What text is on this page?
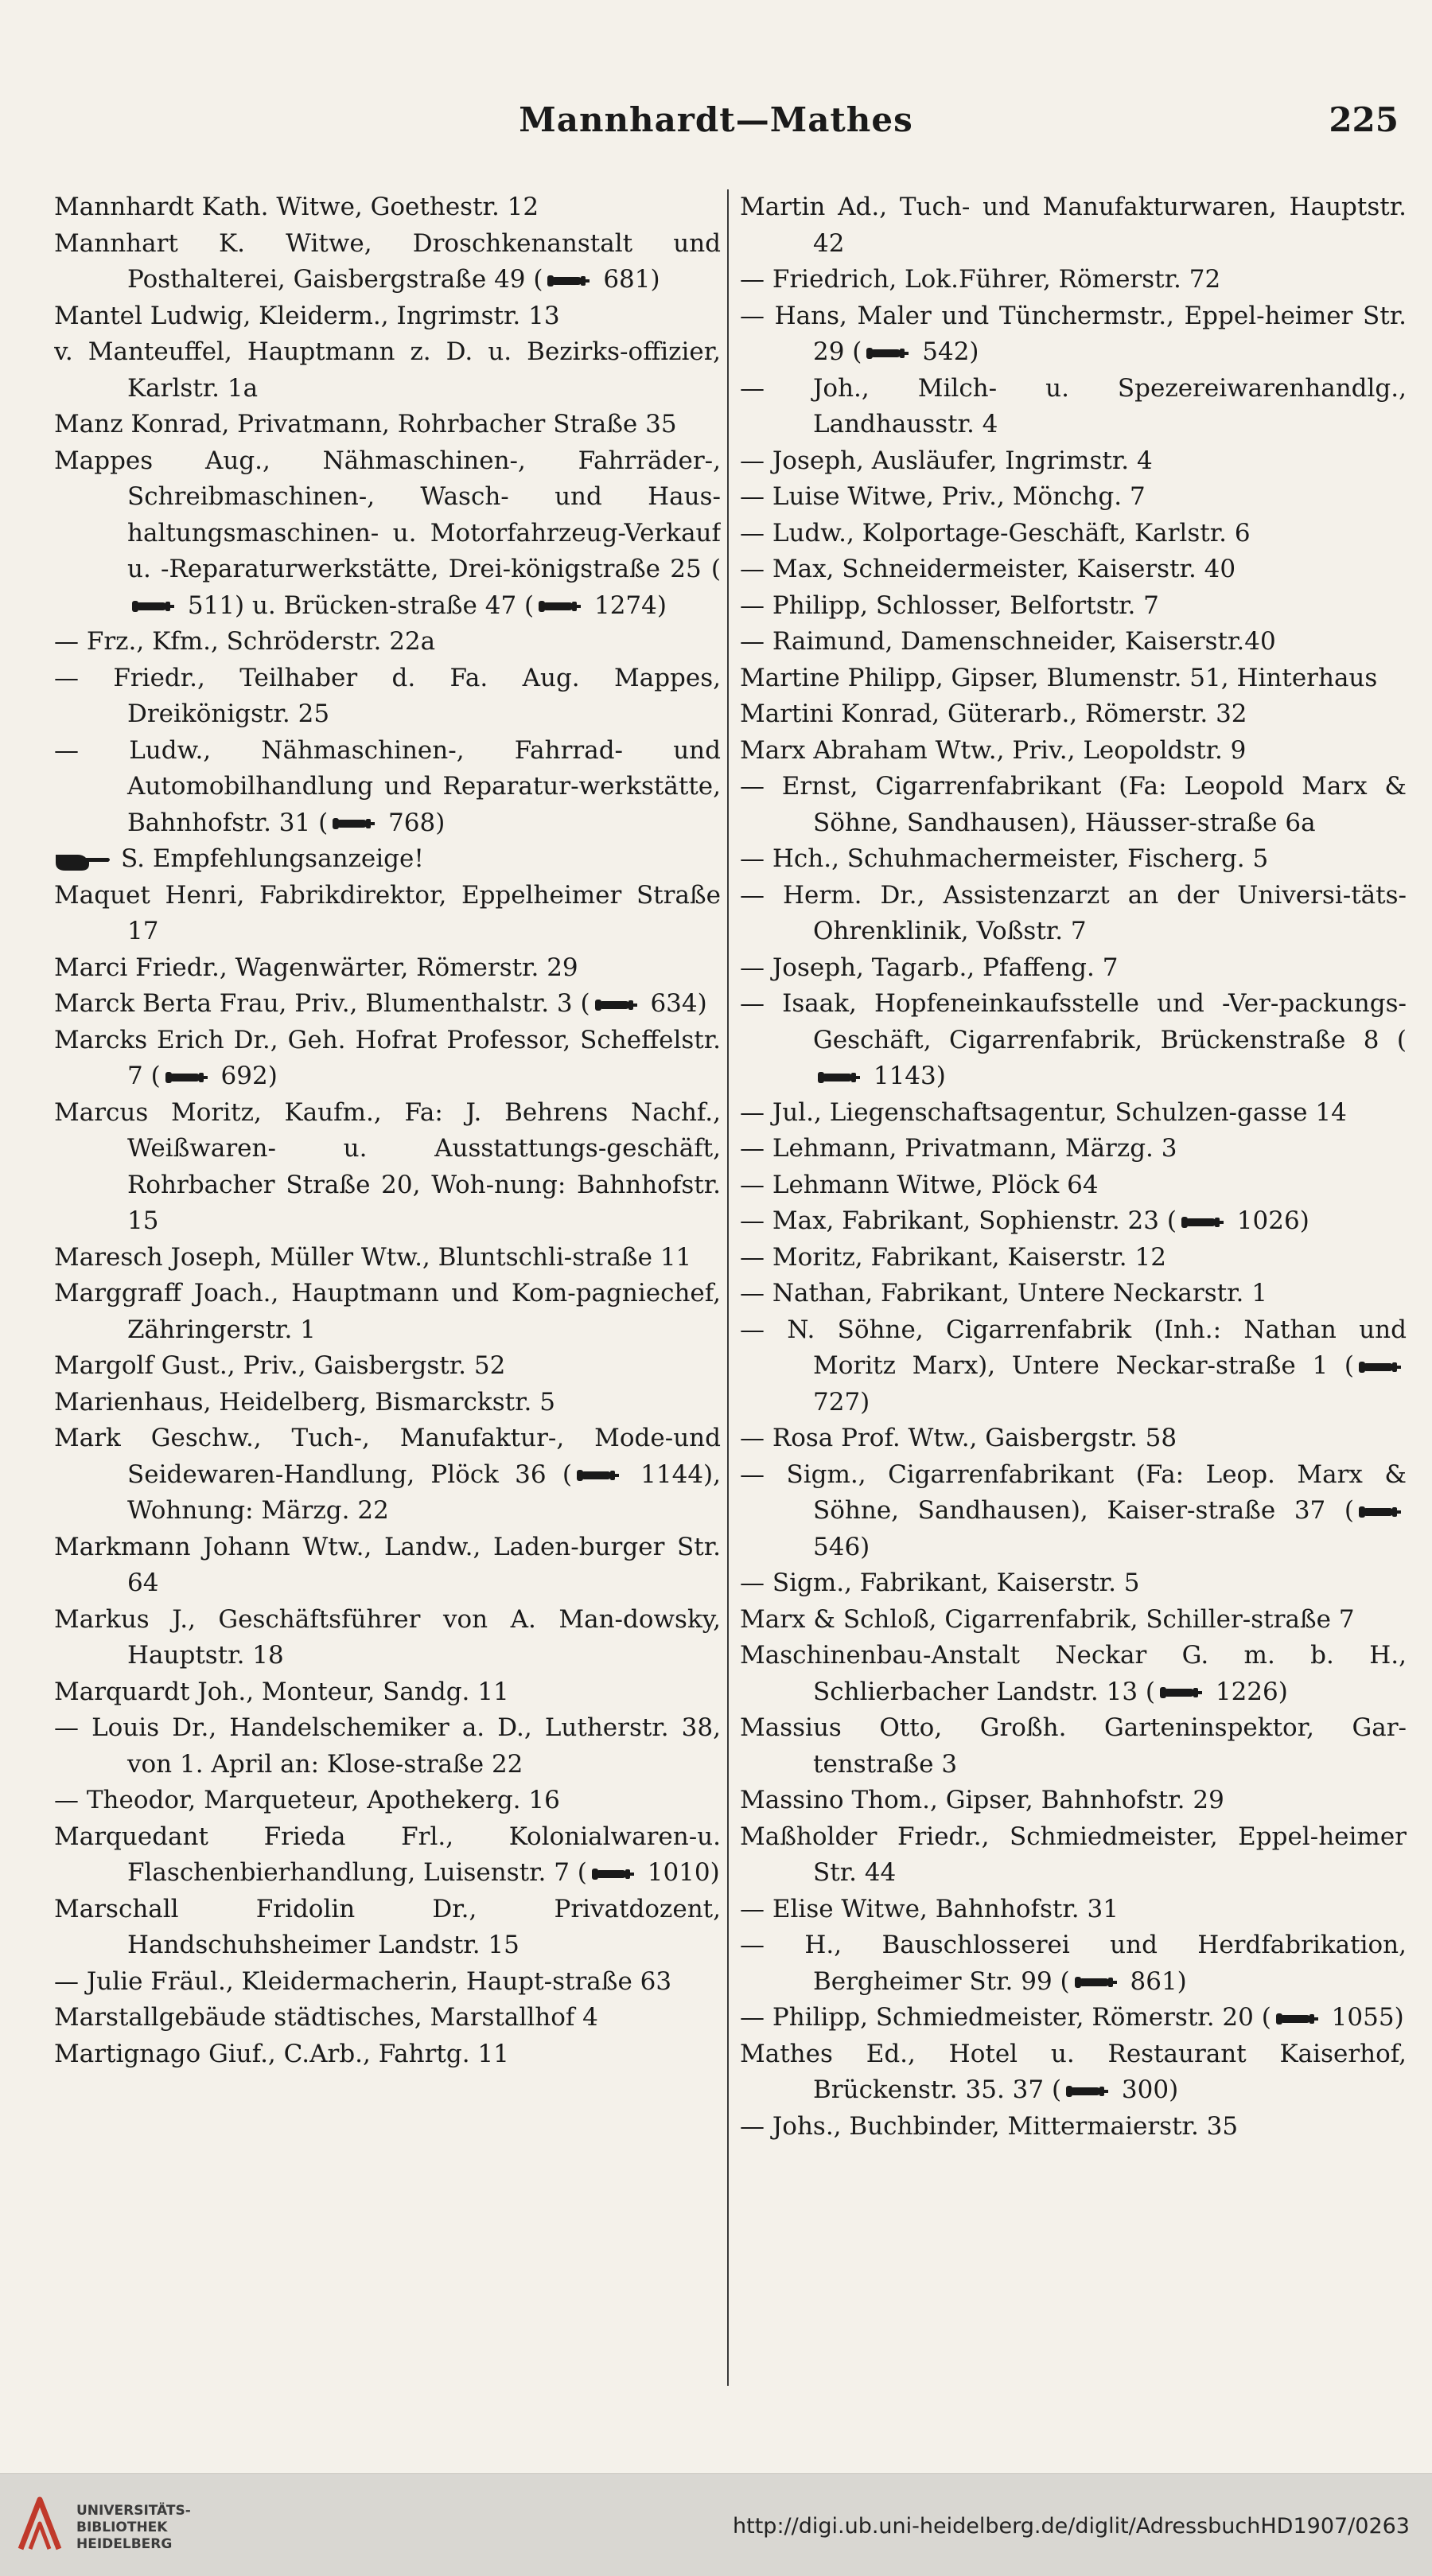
Mannhardt—Mathes	225

Mannhardt Kath. Witwe, Goethestr. 12

Mannhart K. Witwe, Droschkenanstalt und Posthalterei, Gaisbergstraße 49 ( 681)

Mantel Ludwig, Kleiderm., Ingrimstr. 13

v. Manteuffel, Hauptmann z. D. u. Bezirks-offizier, Karlstr. 1a

Manz Konrad, Privatmann, Rohrbacher Straße 35

Mappes Aug., Nähmaschinen-, Fahrräder-, Schreibmaschinen-, Wasch- und Haus-haltungsmaschinen- u. Motorfahrzeug-Verkauf u. -Reparaturwerkstätte, Drei-königstraße 25 ( 511) u. Brücken-straße 47 ( 1274)

— Frz., Kfm., Schröderstr. 22a

— Friedr., Teilhaber d. Fa. Aug. Mappes, Dreikönigstr. 25

— Ludw., Nähmaschinen-, Fahrrad- und Automobilhandlung und Reparatur-werkstätte, Bahnhofstr. 31 ( 768)

S. Empfehlungsanzeige!

Maquet Henri, Fabrikdirektor, Eppelheimer Straße 17

Marci Friedr., Wagenwärter, Römerstr. 29

Marck Berta Frau, Priv., Blumenthalstr. 3 ( 634)

Marcks Erich Dr., Geh. Hofrat Professor, Scheffelstr. 7 ( 692)

Marcus Moritz, Kaufm., Fa: J. Behrens Nachf., Weißwaren- u. Ausstattungs-geschäft, Rohrbacher Straße 20, Woh-nung: Bahnhofstr. 15

Maresch Joseph, Müller Wtw., Bluntschli-straße 11

Marggraff Joach., Hauptmann und Kom-pagniechef, Zähringerstr. 1

Margolf Gust., Priv., Gaisbergstr. 52

Marienhaus, Heidelberg, Bismarckstr. 5

Mark Geschw., Tuch-, Manufaktur-, Mode-und Seidewaren-Handlung, Plöck 36 ( 1144), Wohnung: Märzg. 22

Markmann Johann Wtw., Landw., Laden-burger Str. 64

Markus J., Geschäftsführer von A. Man-dowsky, Hauptstr. 18

Marquardt Joh., Monteur, Sandg. 11

— Louis Dr., Handelschemiker a. D., Lutherstr. 38, von 1. April an: Klose-straße 22

— Theodor, Marqueteur, Apothekerg. 16

Marquedant Frieda Frl., Kolonialwaren-u. Flaschenbierhandlung, Luisenstr. 7 ( 1010)

Marschall Fridolin Dr., Privatdozent, Handschuhsheimer Landstr. 15

— Julie Fräul., Kleidermacherin, Haupt-straße 63

Marstallgebäude städtisches, Marstallhof 4

Martignago Giuf., C.Arb., Fahrtg. 11

Martin Ad., Tuch- und Manufakturwaren, Hauptstr. 42

— Friedrich, Lok.Führer, Römerstr. 72

— Hans, Maler und Tünchermstr., Eppel-heimer Str. 29 ( 542)

— Joh., Milch- u. Spezereiwarenhandlg., Landhausstr. 4

— Joseph, Ausläufer, Ingrimstr. 4

— Luise Witwe, Priv., Mönchg. 7

— Ludw., Kolportage-Geschäft, Karlstr. 6

— Max, Schneidermeister, Kaiserstr. 40

— Philipp, Schlosser, Belfortstr. 7

— Raimund, Damenschneider, Kaiserstr.40

Martine Philipp, Gipser, Blumenstr. 51, Hinterhaus

Martini Konrad, Güterarb., Römerstr. 32

Marx Abraham Wtw., Priv., Leopoldstr. 9

— Ernst, Cigarrenfabrikant (Fa: Leopold Marx & Söhne, Sandhausen), Häusser-straße 6a

— Hch., Schuhmachermeister, Fischerg. 5

— Herm. Dr., Assistenzarzt an der Universi-täts-Ohrenklinik, Voßstr. 7

— Joseph, Tagarb., Pfaffeng. 7

— Isaak, Hopfeneinkaufsstelle und -Ver-packungs-Geschäft, Cigarrenfabrik, Brückenstraße 8 ( 1143)

— Jul., Liegenschaftsagentur, Schulzen-gasse 14

— Lehmann, Privatmann, Märzg. 3

— Lehmann Witwe, Plöck 64

— Max, Fabrikant, Sophienstr. 23 ( 1026)

— Moritz, Fabrikant, Kaiserstr. 12

— Nathan, Fabrikant, Untere Neckarstr. 1

— N. Söhne, Cigarrenfabrik (Inh.: Nathan und Moritz Marx), Untere Neckar-straße 1 ( 727)

— Rosa Prof. Wtw., Gaisbergstr. 58

— Sigm., Cigarrenfabrikant (Fa: Leop. Marx & Söhne, Sandhausen), Kaiser-straße 37 ( 546)

— Sigm., Fabrikant, Kaiserstr. 5

Marx & Schloß, Cigarrenfabrik, Schiller-straße 7

Maschinenbau-Anstalt Neckar G. m. b. H., Schlierbacher Landstr. 13 ( 1226)

Massius Otto, Großh. Garteninspektor, Gar-tenstraße 3

Massino Thom., Gipser, Bahnhofstr. 29

Maßholder Friedr., Schmiedmeister, Eppel-heimer Str. 44

— Elise Witwe, Bahnhofstr. 31

— H., Bauschlosserei und Herdfabrikation, Bergheimer Str. 99 ( 861)

— Philipp, Schmiedmeister, Römerstr. 20 ( 1055)

Mathes Ed., Hotel u. Restaurant Kaiserhof, Brückenstr. 35. 37 ( 300)

— Johs., Buchbinder, Mittermaierstr. 35

UNIVERSITÄTS-
BIBLIOTHEK
HEIDELBERG
http://digi.ub.uni-heidelberg.de/diglit/AdressbuchHD1907/0263
